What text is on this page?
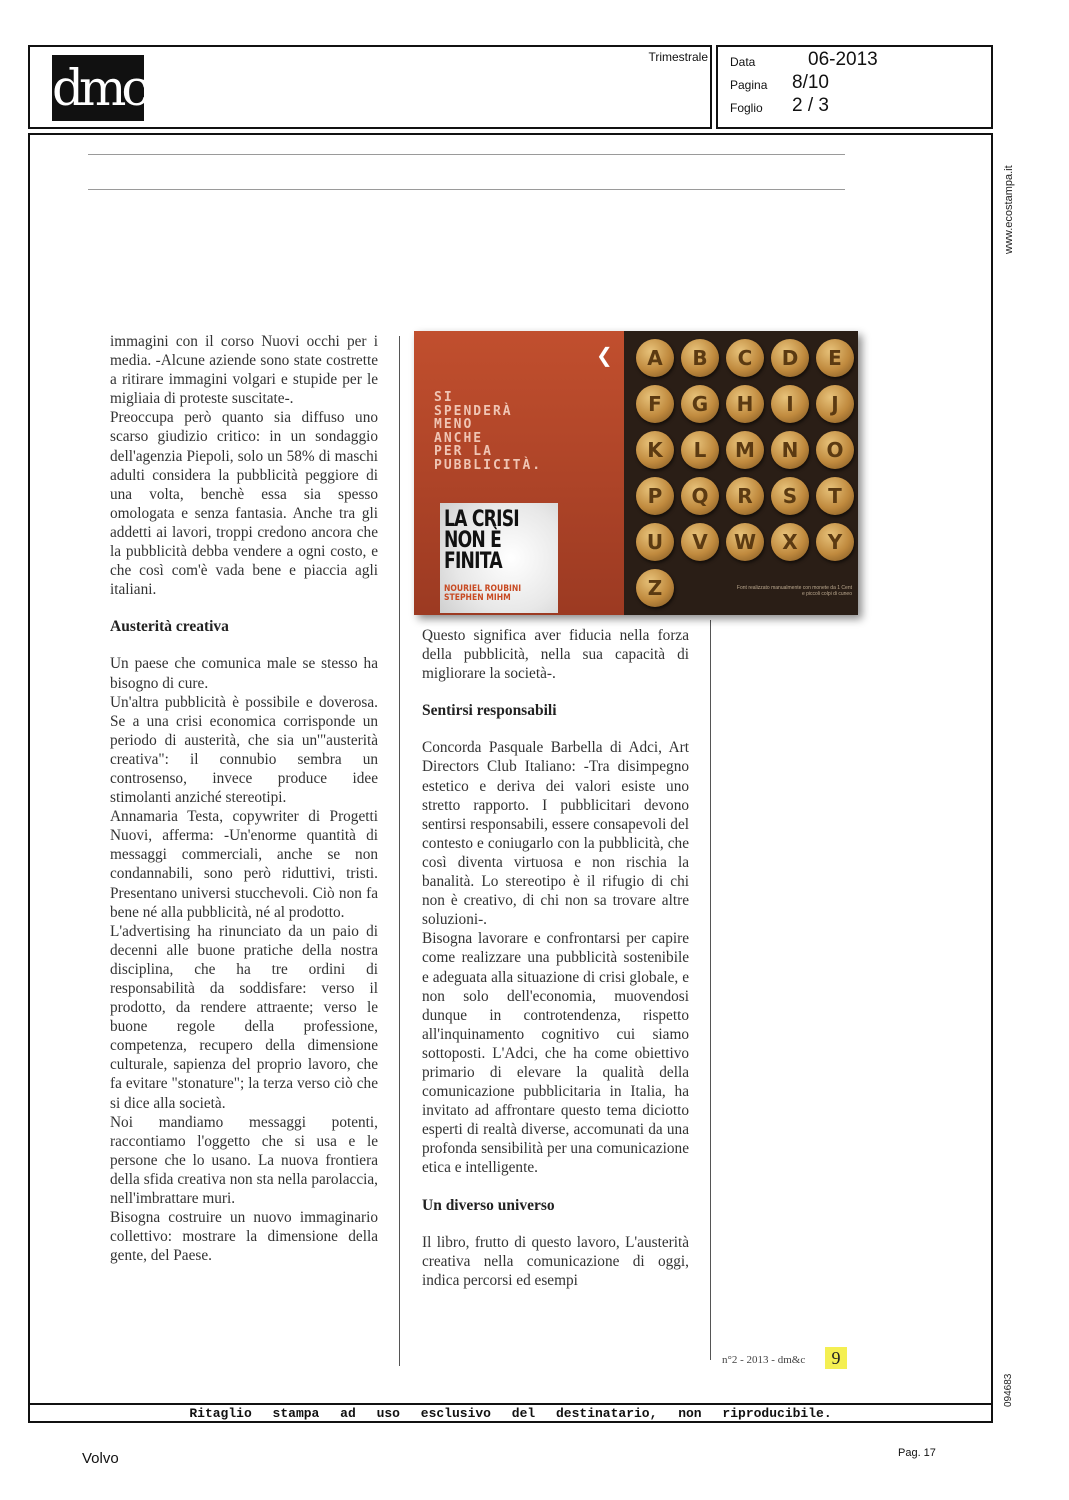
dmc
Trimestrale Data	06-2013
Pagina 8/10
Foglio 2 / 3
Ritaglio stampa ad uso esclusivo del destinatario, non riproducibile.
www.ecostampa.it
094683

immagini con il corso Nuovi occhi per i media. -Alcune aziende sono state costrette a ritirare immagini volgari e stupide per le migliaia di proteste suscitate-.

Preoccupa però quanto sia diffuso uno scarso giudizio critico: in un sondaggio dell'agenzia Piepoli, solo un 58% di maschi adulti considera la pubblicità peggiore di una volta, benchè essa sia spesso omologata e senza fantasia. Anche tra gli addetti ai lavori, troppi credono ancora che la pubblicità debba vendere a ogni costo, e che così com'è vada bene e piaccia agli italiani.

Austerità creativa

Un paese che comunica male se stesso ha bisogno di cure.

Un'altra pubblicità è possibile e doverosa. Se a una crisi economica corrisponde un periodo di austerità, che sia un'"austerità creativa": il connubio sembra un controsenso, invece produce idee stimolanti anziché stereotipi.

Annamaria Testa, copywriter di Progetti Nuovi, afferma: -Un'enorme quantità di messaggi commerciali, anche se non condannabili, sono però riduttivi, tristi. Presentano universi stucchevoli. Ciò non fa bene né alla pubblicità, né al prodotto.

L'advertising ha rinunciato da un paio di decenni alle buone pratiche della nostra disciplina, che ha tre ordini di responsabilità da soddisfare: verso il prodotto, da rendere attraente; verso le buone regole della professione, competenza, recupero della dimensione culturale, sapienza del proprio lavoro, che fa evitare "stonature"; la terza verso ciò che si dice alla società.

Noi mandiamo messaggi potenti, raccontiamo l'oggetto che si usa e le persone che lo usano. La nuova frontiera della sfida creativa non sta nella parolaccia, nell'imbrattare muri.

Bisogna costruire un nuovo immaginario collettivo: mostrare la dimensione della gente, del Paese.

Questo significa aver fiducia nella forza della pubblicità, nella sua capacità di migliorare la società-.

Sentirsi responsabili

Concorda Pasquale Barbella di Adci, Art Directors Club Italiano: -Tra disimpegno estetico e deriva dei valori esiste uno stretto rapporto. I pubblicitari devono sentirsi responsabili, essere consapevoli del contesto e coniugarlo con la pubblicità, che così diventa virtuosa e non rischia la banalità. Lo stereotipo è il rifugio di chi non è creativo, di chi non sa trovare altre soluzioni-.

Bisogna lavorare e confrontarsi per capire come realizzare una pubblicità sostenibile e adeguata alla situazione di crisi globale, e non solo dell'economia, muovendosi dunque in controtendenza, rispetto all'inquinamento cognitivo cui siamo sottoposti. L'Adci, che ha come obiettivo primario di elevare la qualità della comunicazione pubblicitaria in Italia, ha invitato ad affrontare questo tema diciotto esperti di realtà diverse, accomunati da una profonda sensibilità per una comunicazione etica e intelligente.

Un diverso universo

Il libro, frutto di questo lavoro, L'austerità creativa nella comunicazione di oggi, indica percorsi ed esempi

❮
SI
SPENDERÀ
MENO
ANCHE
PER LA
PUBBLICITÀ.
LA CRISI
NON È
FINITA
NOURIEL ROUBINI
STEPHEN MIHM
A	B	C	D	E
F	G	H	I	J
K	L	M	N	O
P	Q	R	S	T
U	V	W	X	Y
Z	Font realizzato manualmente con monete da 1 Cent e piccoli colpi di cuneo
n°2 - 2013 - dm&c	9
Volvo	Pag. 17
